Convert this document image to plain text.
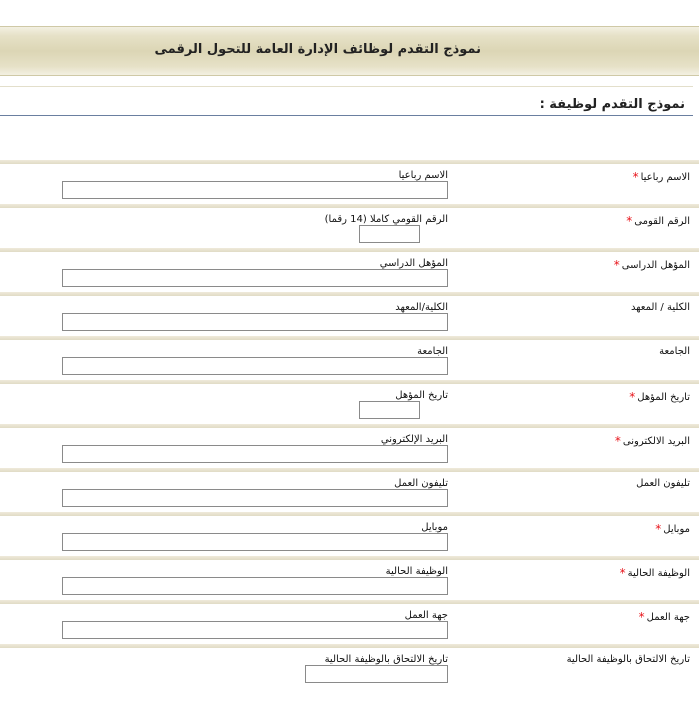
نموذج التقدم لوظائف الإدارة العامة للتحول الرقمى
نموذج التقدم لوظيفة :
الاسم رباعيا*
الاسم رباعيا
الرقم القومى*
الرقم القومي كاملا (14 رقما)
المؤهل الدراسى*
المؤهل الدراسي
الكلية / المعهد
الكلية/المعهد
الجامعة
الجامعة
تاريخ المؤهل*
تاريخ المؤهل
البريد الالكترونى*
البريد الإلكتروني
تليفون العمل
تليفون العمل
موبايل*
موبايل
الوظيفة الحالية*
الوظيفة الحالية
جهة العمل*
جهة العمل
تاريخ الالتحاق بالوظيفة الحالية
تاريخ الالتحاق بالوظيفة الحالية
